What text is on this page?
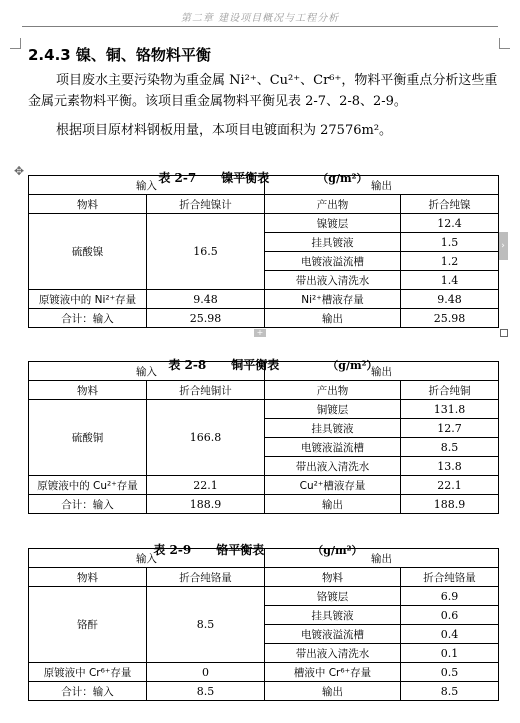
第二章 建设项目概况与工程分析
2.4.3 镍、铜、铬物料平衡
项目废水主要污染物为重金属 Ni²⁺、Cu²⁺、Cr⁶⁺，物料平衡重点分析这些重金属元素物料平衡。该项目重金属物料平衡见表 2-7、2-8、2-9。
根据项目原材料钢板用量，本项目电镀面积为 27576m²。
✥
›

表 2-7      镍平衡表	（g/m²）

输入		输出	
物料	折合纯镍计	产出物	折合纯镍
硫酸镍	16.5	镍镀层	12.4
		挂具镀液	1.5
		电镀液溢流槽	1.2
		带出液入清洗水	1.4
原镀液中的 Ni²⁺存量	9.48	Ni²⁺槽液存量	9.48
合计：输入	25.98	输出	25.98
+

表 2-8      铜平衡表	（g/m²）

输入		输出	
物料	折合纯铜计	产出物	折合纯铜
硫酸铜	166.8	铜镀层	131.8
		挂具镀液	12.7
		电镀液溢流槽	8.5
		带出液入清洗水	13.8
原镀液中的 Cu²⁺存量	22.1	Cu²⁺槽液存量	22.1
合计：输入	188.9	输出	188.9

表 2-9      铬平衡表	（g/m²）

输入		输出	
物料	折合纯铬量	物料	折合纯铬量
铬酐	8.5	铬镀层	6.9
		挂具镀液	0.6
		电镀液溢流槽	0.4
		带出液入清洗水	0.1
原镀液中 Cr⁶⁺存量	0	槽液中 Cr⁶⁺存量	0.5
合计：输入	8.5	输出	8.5
